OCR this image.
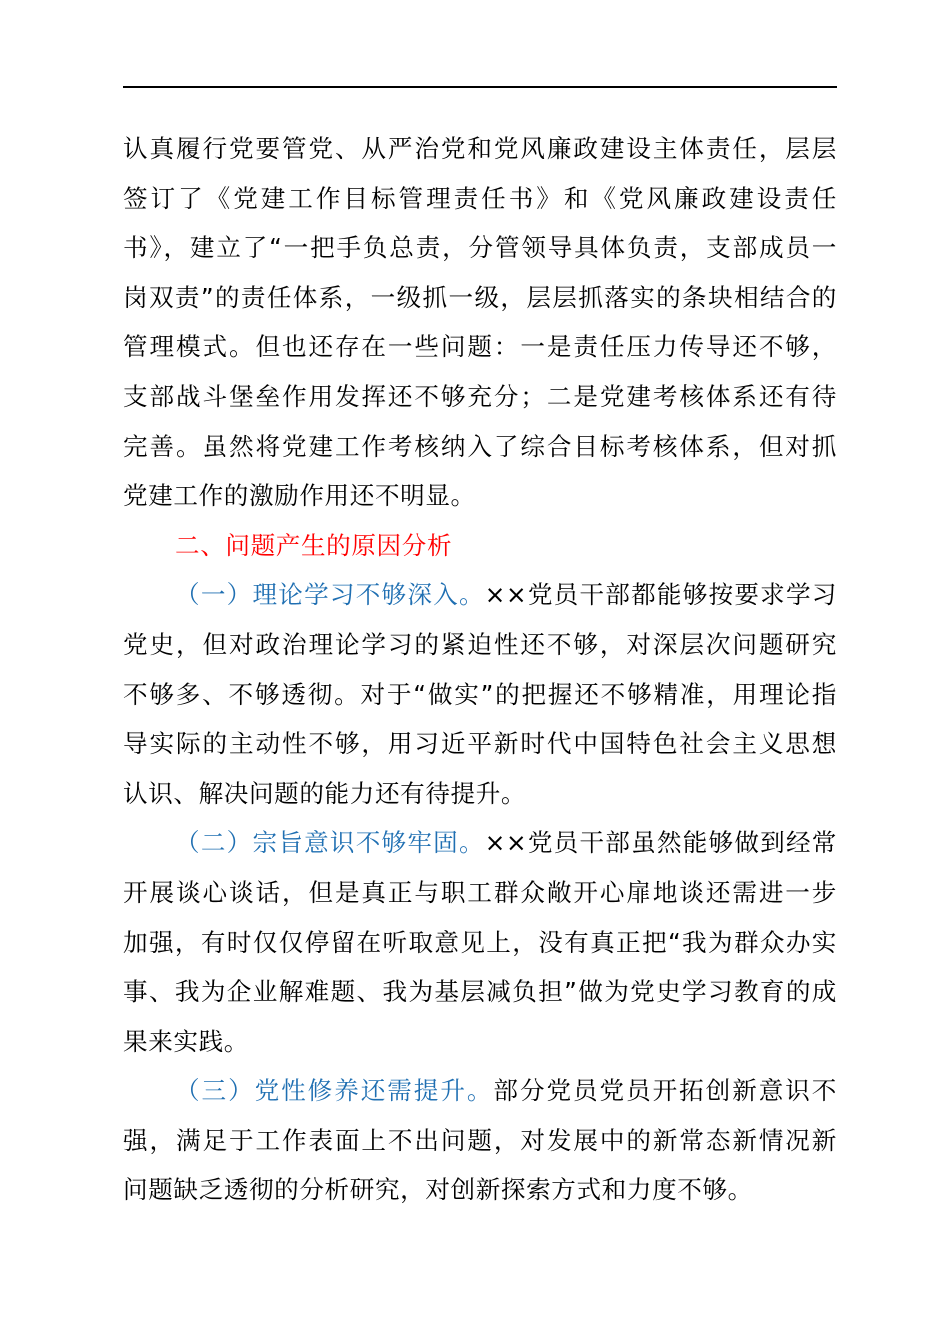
认真履行党要管党、从严治党和党风廉政建设主体责任，层层
签订了《党建工作目标管理责任书》和《党风廉政建设责任
书》，建立了“一把手负总责，分管领导具体负责，支部成员一
岗双责”的责任体系，一级抓一级，层层抓落实的条块相结合的
管理模式。但也还存在一些问题：一是责任压力传导还不够，
支部战斗堡垒作用发挥还不够充分；二是党建考核体系还有待
完善。虽然将党建工作考核纳入了综合目标考核体系，但对抓
党建工作的激励作用还不明显。
二、问题产生的原因分析
（一）理论学习不够深入。××党员干部都能够按要求学习
党史，但对政治理论学习的紧迫性还不够，对深层次问题研究
不够多、不够透彻。对于“做实”的把握还不够精准，用理论指
导实际的主动性不够，用习近平新时代中国特色社会主义思想
认识、解决问题的能力还有待提升。
（二）宗旨意识不够牢固。××党员干部虽然能够做到经常
开展谈心谈话，但是真正与职工群众敞开心扉地谈还需进一步
加强，有时仅仅停留在听取意见上，没有真正把“我为群众办实
事、我为企业解难题、我为基层减负担”做为党史学习教育的成
果来实践。
（三）党性修养还需提升。部分党员党员开拓创新意识不
强，满足于工作表面上不出问题，对发展中的新常态新情况新
问题缺乏透彻的分析研究，对创新探索方式和力度不够。
